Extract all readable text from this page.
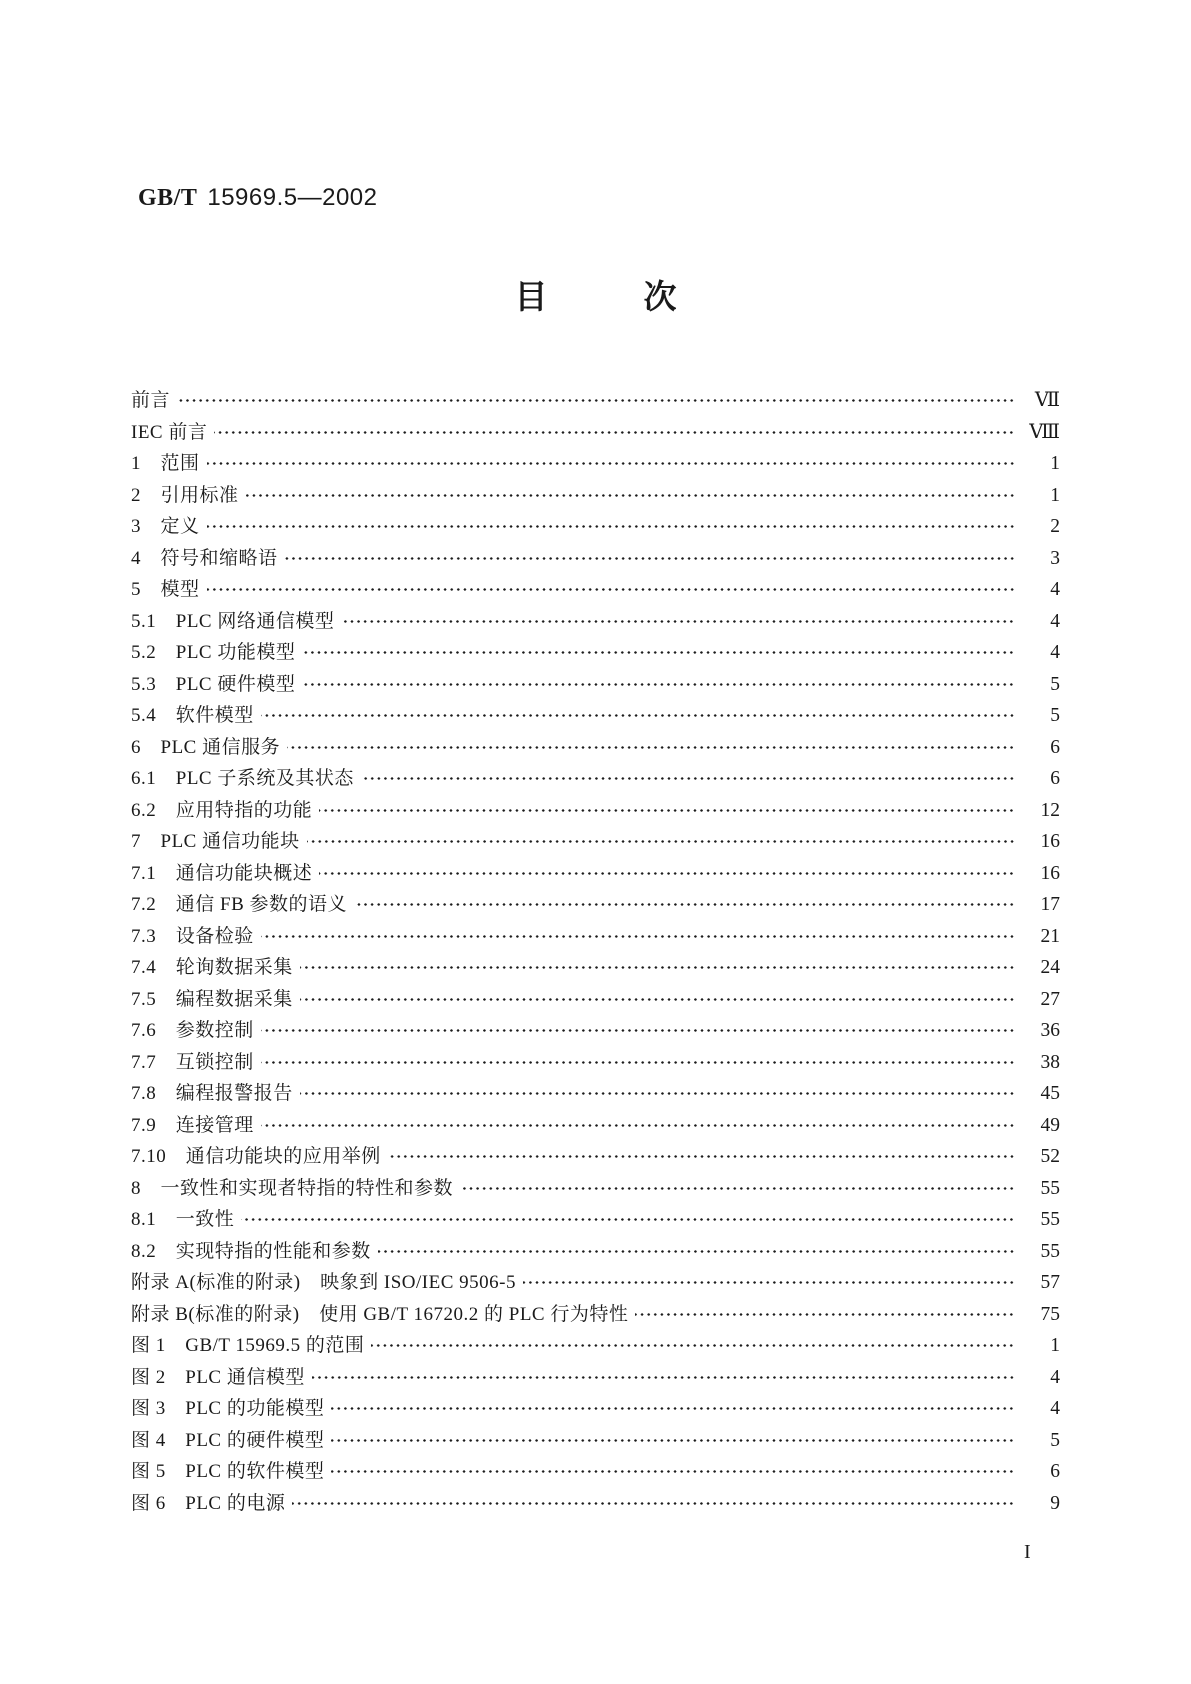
GB/T 15969.5—2002
目	次
前言	Ⅶ
IEC 前言	Ⅷ
1　范围	1
2　引用标准	1
3　定义	2
4　符号和缩略语	3
5　模型	4
5.1　PLC 网络通信模型	4
5.2　PLC 功能模型	4
5.3　PLC 硬件模型	5
5.4　软件模型	5
6　PLC 通信服务	6
6.1　PLC 子系统及其状态	6
6.2　应用特指的功能	12
7　PLC 通信功能块	16
7.1　通信功能块概述	16
7.2　通信 FB 参数的语义	17
7.3　设备检验	21
7.4　轮询数据采集	24
7.5　编程数据采集	27
7.6　参数控制	36
7.7　互锁控制	38
7.8　编程报警报告	45
7.9　连接管理	49
7.10　通信功能块的应用举例	52
8　一致性和实现者特指的特性和参数	55
8.1　一致性	55
8.2　实现特指的性能和参数	55
附录 A(标准的附录)　映象到 ISO/IEC 9506-5	57
附录 B(标准的附录)　使用 GB/T 16720.2 的 PLC 行为特性	75
图 1　GB/T 15969.5 的范围	1
图 2　PLC 通信模型	4
图 3　PLC 的功能模型	4
图 4　PLC 的硬件模型	5
图 5　PLC 的软件模型	6
图 6　PLC 的电源	9
I
